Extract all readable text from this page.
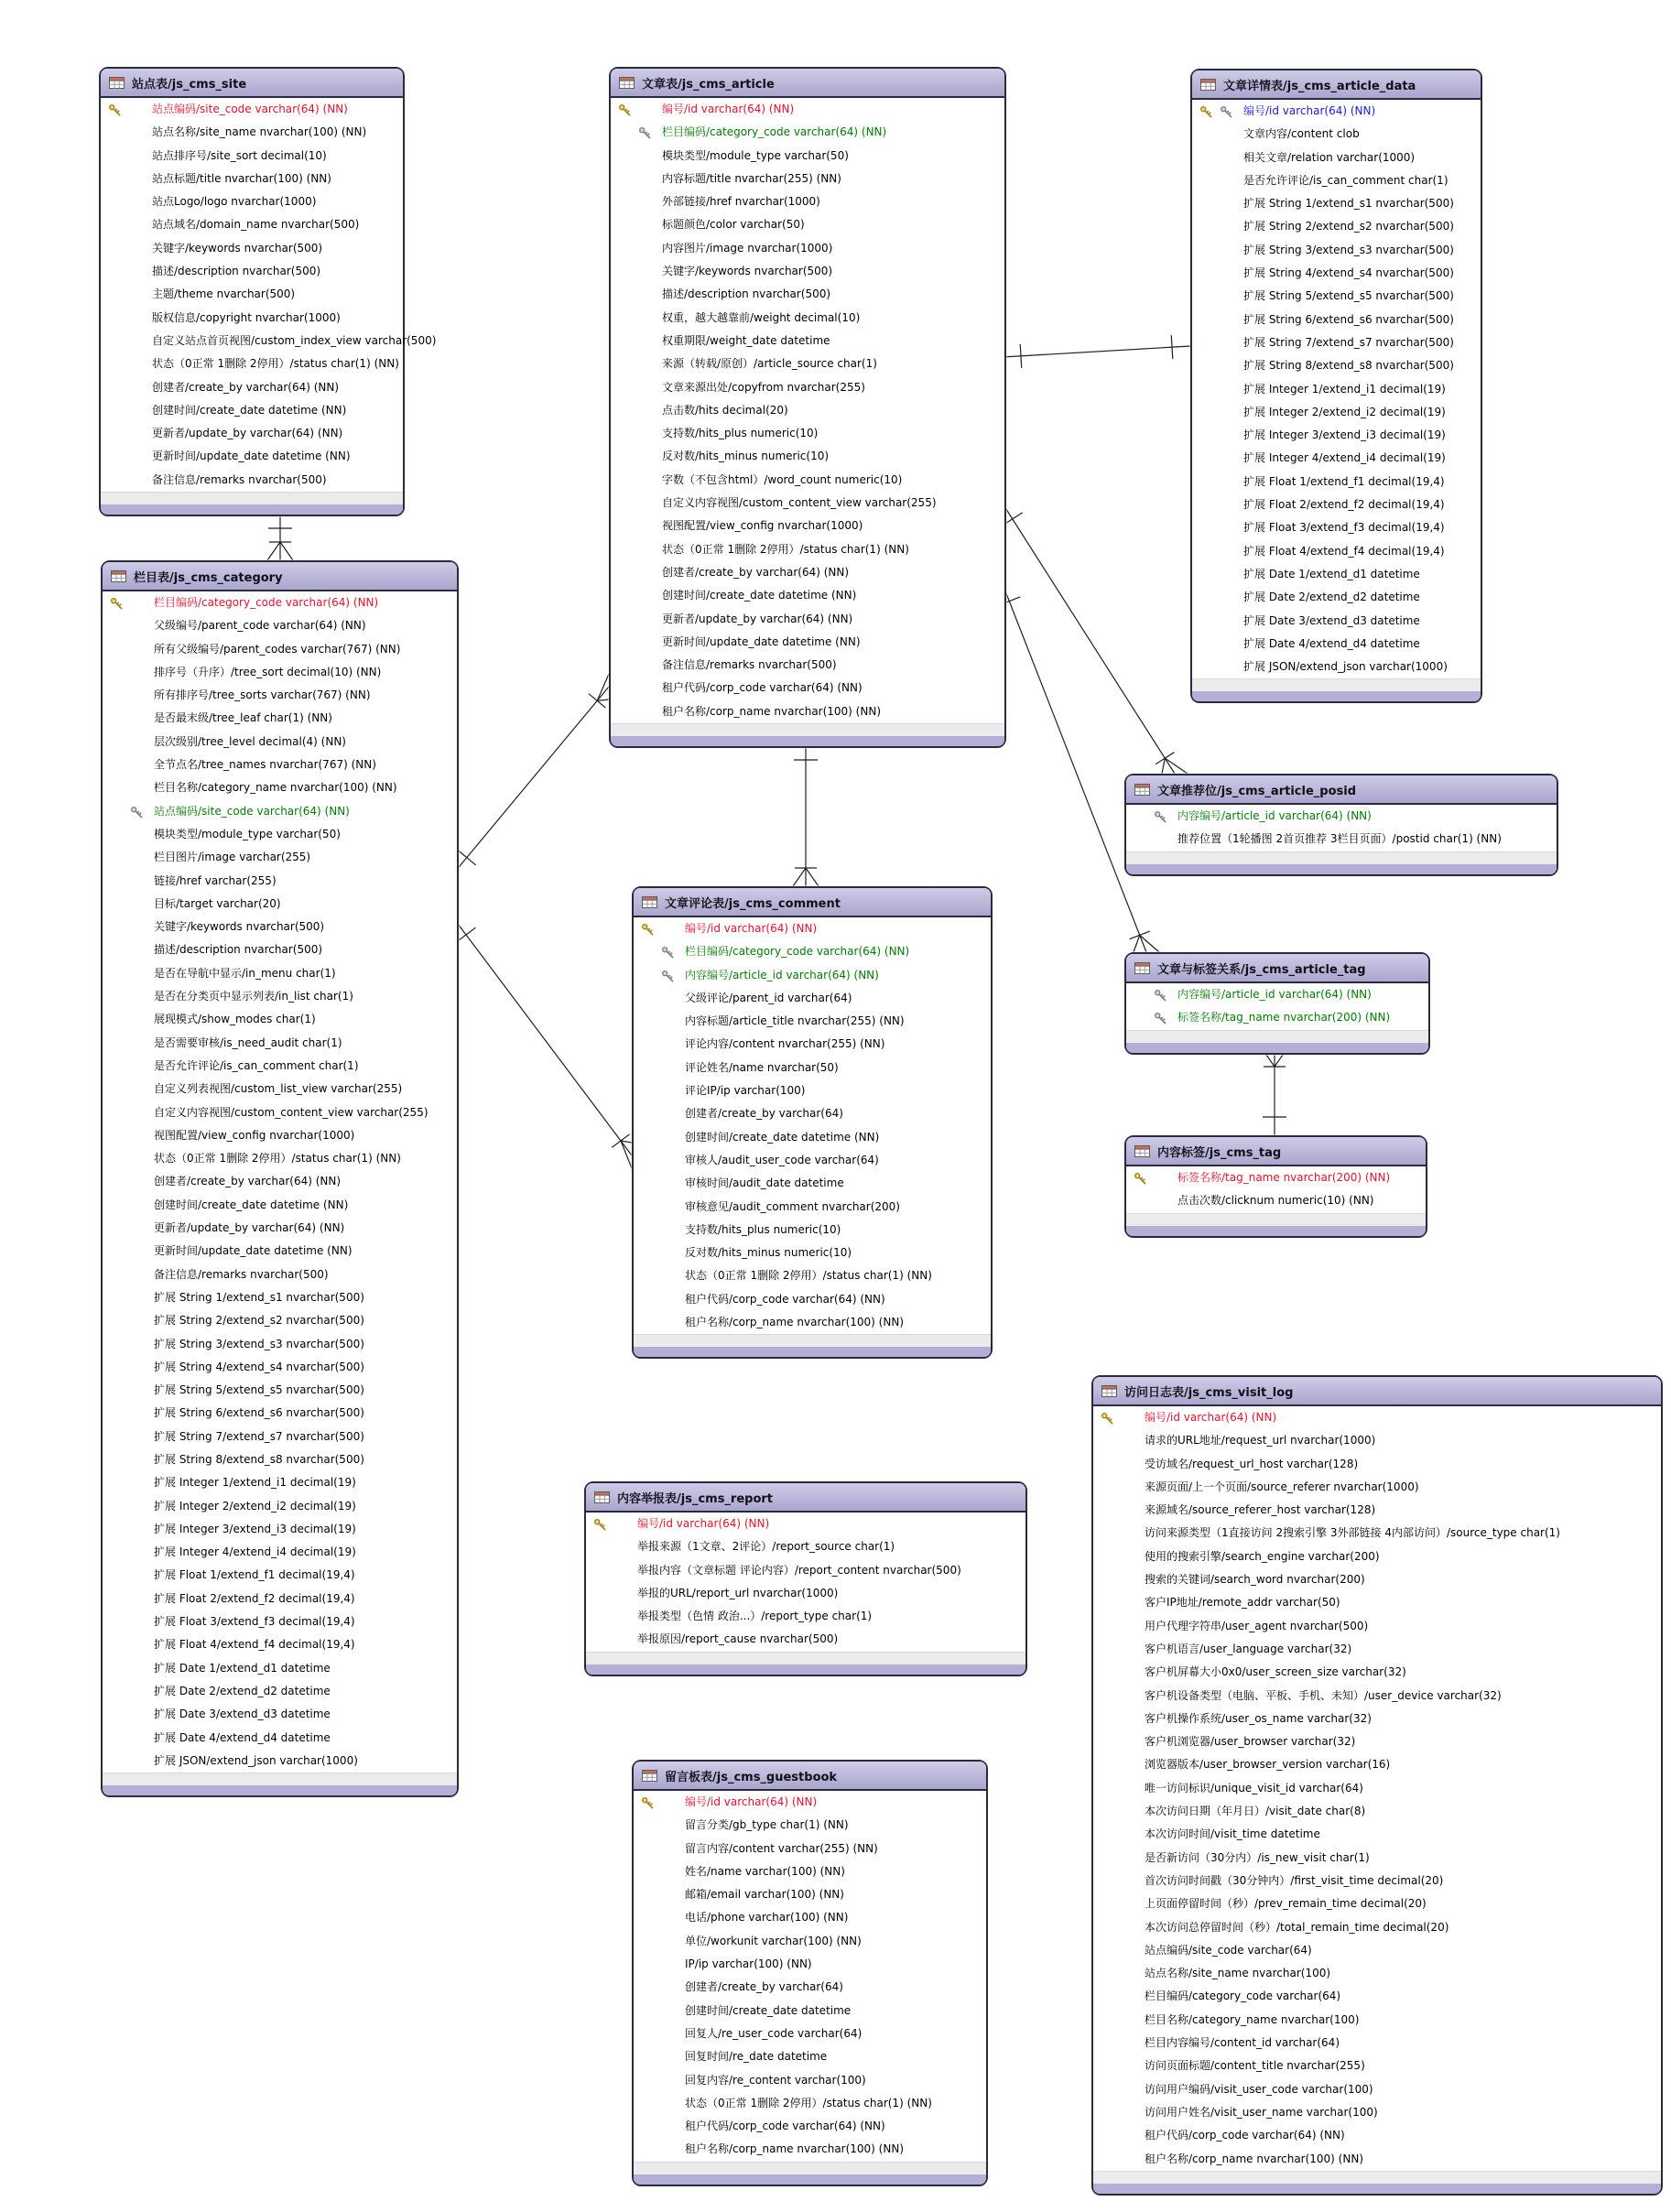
站点表/js_cms_site
站点编码/site_code varchar(64) (NN)
站点名称/site_name nvarchar(100) (NN)
站点排序号/site_sort decimal(10)
站点标题/title nvarchar(100) (NN)
站点Logo/logo nvarchar(1000)
站点域名/domain_name nvarchar(500)
关键字/keywords nvarchar(500)
描述/description nvarchar(500)
主题/theme nvarchar(500)
版权信息/copyright nvarchar(1000)
自定义站点首页视图/custom_index_view varchar(500)
状态（0正常 1删除 2停用）/status char(1) (NN)
创建者/create_by varchar(64) (NN)
创建时间/create_date datetime (NN)
更新者/update_by varchar(64) (NN)
更新时间/update_date datetime (NN)
备注信息/remarks nvarchar(500)
栏目表/js_cms_category
栏目编码/category_code varchar(64) (NN)
父级编号/parent_code varchar(64) (NN)
所有父级编号/parent_codes varchar(767) (NN)
排序号（升序）/tree_sort decimal(10) (NN)
所有排序号/tree_sorts varchar(767) (NN)
是否最末级/tree_leaf char(1) (NN)
层次级别/tree_level decimal(4) (NN)
全节点名/tree_names nvarchar(767) (NN)
栏目名称/category_name nvarchar(100) (NN)
站点编码/site_code varchar(64) (NN)
模块类型/module_type varchar(50)
栏目图片/image varchar(255)
链接/href varchar(255)
目标/target varchar(20)
关键字/keywords nvarchar(500)
描述/description nvarchar(500)
是否在导航中显示/in_menu char(1)
是否在分类页中显示列表/in_list char(1)
展现模式/show_modes char(1)
是否需要审核/is_need_audit char(1)
是否允许评论/is_can_comment char(1)
自定义列表视图/custom_list_view varchar(255)
自定义内容视图/custom_content_view varchar(255)
视图配置/view_config nvarchar(1000)
状态（0正常 1删除 2停用）/status char(1) (NN)
创建者/create_by varchar(64) (NN)
创建时间/create_date datetime (NN)
更新者/update_by varchar(64) (NN)
更新时间/update_date datetime (NN)
备注信息/remarks nvarchar(500)
扩展 String 1/extend_s1 nvarchar(500)
扩展 String 2/extend_s2 nvarchar(500)
扩展 String 3/extend_s3 nvarchar(500)
扩展 String 4/extend_s4 nvarchar(500)
扩展 String 5/extend_s5 nvarchar(500)
扩展 String 6/extend_s6 nvarchar(500)
扩展 String 7/extend_s7 nvarchar(500)
扩展 String 8/extend_s8 nvarchar(500)
扩展 Integer 1/extend_i1 decimal(19)
扩展 Integer 2/extend_i2 decimal(19)
扩展 Integer 3/extend_i3 decimal(19)
扩展 Integer 4/extend_i4 decimal(19)
扩展 Float 1/extend_f1 decimal(19,4)
扩展 Float 2/extend_f2 decimal(19,4)
扩展 Float 3/extend_f3 decimal(19,4)
扩展 Float 4/extend_f4 decimal(19,4)
扩展 Date 1/extend_d1 datetime
扩展 Date 2/extend_d2 datetime
扩展 Date 3/extend_d3 datetime
扩展 Date 4/extend_d4 datetime
扩展 JSON/extend_json varchar(1000)
文章表/js_cms_article
编号/id varchar(64) (NN)
栏目编码/category_code varchar(64) (NN)
模块类型/module_type varchar(50)
内容标题/title nvarchar(255) (NN)
外部链接/href nvarchar(1000)
标题颜色/color varchar(50)
内容图片/image nvarchar(1000)
关键字/keywords nvarchar(500)
描述/description nvarchar(500)
权重，越大越靠前/weight decimal(10)
权重期限/weight_date datetime
来源（转载/原创）/article_source char(1)
文章来源出处/copyfrom nvarchar(255)
点击数/hits decimal(20)
支持数/hits_plus numeric(10)
反对数/hits_minus numeric(10)
字数（不包含html）/word_count numeric(10)
自定义内容视图/custom_content_view varchar(255)
视图配置/view_config nvarchar(1000)
状态（0正常 1删除 2停用）/status char(1) (NN)
创建者/create_by varchar(64) (NN)
创建时间/create_date datetime (NN)
更新者/update_by varchar(64) (NN)
更新时间/update_date datetime (NN)
备注信息/remarks nvarchar(500)
租户代码/corp_code varchar(64) (NN)
租户名称/corp_name nvarchar(100) (NN)
文章详情表/js_cms_article_data
编号/id varchar(64) (NN)
文章内容/content clob
相关文章/relation varchar(1000)
是否允许评论/is_can_comment char(1)
扩展 String 1/extend_s1 nvarchar(500)
扩展 String 2/extend_s2 nvarchar(500)
扩展 String 3/extend_s3 nvarchar(500)
扩展 String 4/extend_s4 nvarchar(500)
扩展 String 5/extend_s5 nvarchar(500)
扩展 String 6/extend_s6 nvarchar(500)
扩展 String 7/extend_s7 nvarchar(500)
扩展 String 8/extend_s8 nvarchar(500)
扩展 Integer 1/extend_i1 decimal(19)
扩展 Integer 2/extend_i2 decimal(19)
扩展 Integer 3/extend_i3 decimal(19)
扩展 Integer 4/extend_i4 decimal(19)
扩展 Float 1/extend_f1 decimal(19,4)
扩展 Float 2/extend_f2 decimal(19,4)
扩展 Float 3/extend_f3 decimal(19,4)
扩展 Float 4/extend_f4 decimal(19,4)
扩展 Date 1/extend_d1 datetime
扩展 Date 2/extend_d2 datetime
扩展 Date 3/extend_d3 datetime
扩展 Date 4/extend_d4 datetime
扩展 JSON/extend_json varchar(1000)
文章评论表/js_cms_comment
编号/id varchar(64) (NN)
栏目编码/category_code varchar(64) (NN)
内容编号/article_id varchar(64) (NN)
父级评论/parent_id varchar(64)
内容标题/article_title nvarchar(255) (NN)
评论内容/content nvarchar(255) (NN)
评论姓名/name nvarchar(50)
评论IP/ip varchar(100)
创建者/create_by varchar(64)
创建时间/create_date datetime (NN)
审核人/audit_user_code varchar(64)
审核时间/audit_date datetime
审核意见/audit_comment nvarchar(200)
支持数/hits_plus numeric(10)
反对数/hits_minus numeric(10)
状态（0正常 1删除 2停用）/status char(1) (NN)
租户代码/corp_code varchar(64) (NN)
租户名称/corp_name nvarchar(100) (NN)
文章推荐位/js_cms_article_posid
内容编号/article_id varchar(64) (NN)
推荐位置（1轮播图 2首页推荐 3栏目页面）/postid char(1) (NN)
文章与标签关系/js_cms_article_tag
内容编号/article_id varchar(64) (NN)
标签名称/tag_name nvarchar(200) (NN)
内容标签/js_cms_tag
标签名称/tag_name nvarchar(200) (NN)
点击次数/clicknum numeric(10) (NN)
内容举报表/js_cms_report
编号/id varchar(64) (NN)
举报来源（1文章、2评论）/report_source char(1)
举报内容（文章标题 评论内容）/report_content nvarchar(500)
举报的URL/report_url nvarchar(1000)
举报类型（色情 政治...）/report_type char(1)
举报原因/report_cause nvarchar(500)
留言板表/js_cms_guestbook
编号/id varchar(64) (NN)
留言分类/gb_type char(1) (NN)
留言内容/content varchar(255) (NN)
姓名/name varchar(100) (NN)
邮箱/email varchar(100) (NN)
电话/phone varchar(100) (NN)
单位/workunit varchar(100) (NN)
IP/ip varchar(100) (NN)
创建者/create_by varchar(64)
创建时间/create_date datetime
回复人/re_user_code varchar(64)
回复时间/re_date datetime
回复内容/re_content varchar(100)
状态（0正常 1删除 2停用）/status char(1) (NN)
租户代码/corp_code varchar(64) (NN)
租户名称/corp_name nvarchar(100) (NN)
访问日志表/js_cms_visit_log
编号/id varchar(64) (NN)
请求的URL地址/request_url nvarchar(1000)
受访域名/request_url_host varchar(128)
来源页面/上一个页面/source_referer nvarchar(1000)
来源域名/source_referer_host varchar(128)
访问来源类型（1直接访问 2搜索引擎 3外部链接 4内部访问）/source_type char(1)
使用的搜索引擎/search_engine varchar(200)
搜索的关键词/search_word nvarchar(200)
客户IP地址/remote_addr varchar(50)
用户代理字符串/user_agent nvarchar(500)
客户机语言/user_language varchar(32)
客户机屏幕大小0x0/user_screen_size varchar(32)
客户机设备类型（电脑、平板、手机、未知）/user_device varchar(32)
客户机操作系统/user_os_name varchar(32)
客户机浏览器/user_browser varchar(32)
浏览器版本/user_browser_version varchar(16)
唯一访问标识/unique_visit_id varchar(64)
本次访问日期（年月日）/visit_date char(8)
本次访问时间/visit_time datetime
是否新访问（30分内）/is_new_visit char(1)
首次访问时间戳（30分钟内）/first_visit_time decimal(20)
上页面停留时间（秒）/prev_remain_time decimal(20)
本次访问总停留时间（秒）/total_remain_time decimal(20)
站点编码/site_code varchar(64)
站点名称/site_name nvarchar(100)
栏目编码/category_code varchar(64)
栏目名称/category_name nvarchar(100)
栏目内容编号/content_id varchar(64)
访问页面标题/content_title nvarchar(255)
访问用户编码/visit_user_code varchar(100)
访问用户姓名/visit_user_name varchar(100)
租户代码/corp_code varchar(64) (NN)
租户名称/corp_name nvarchar(100) (NN)
